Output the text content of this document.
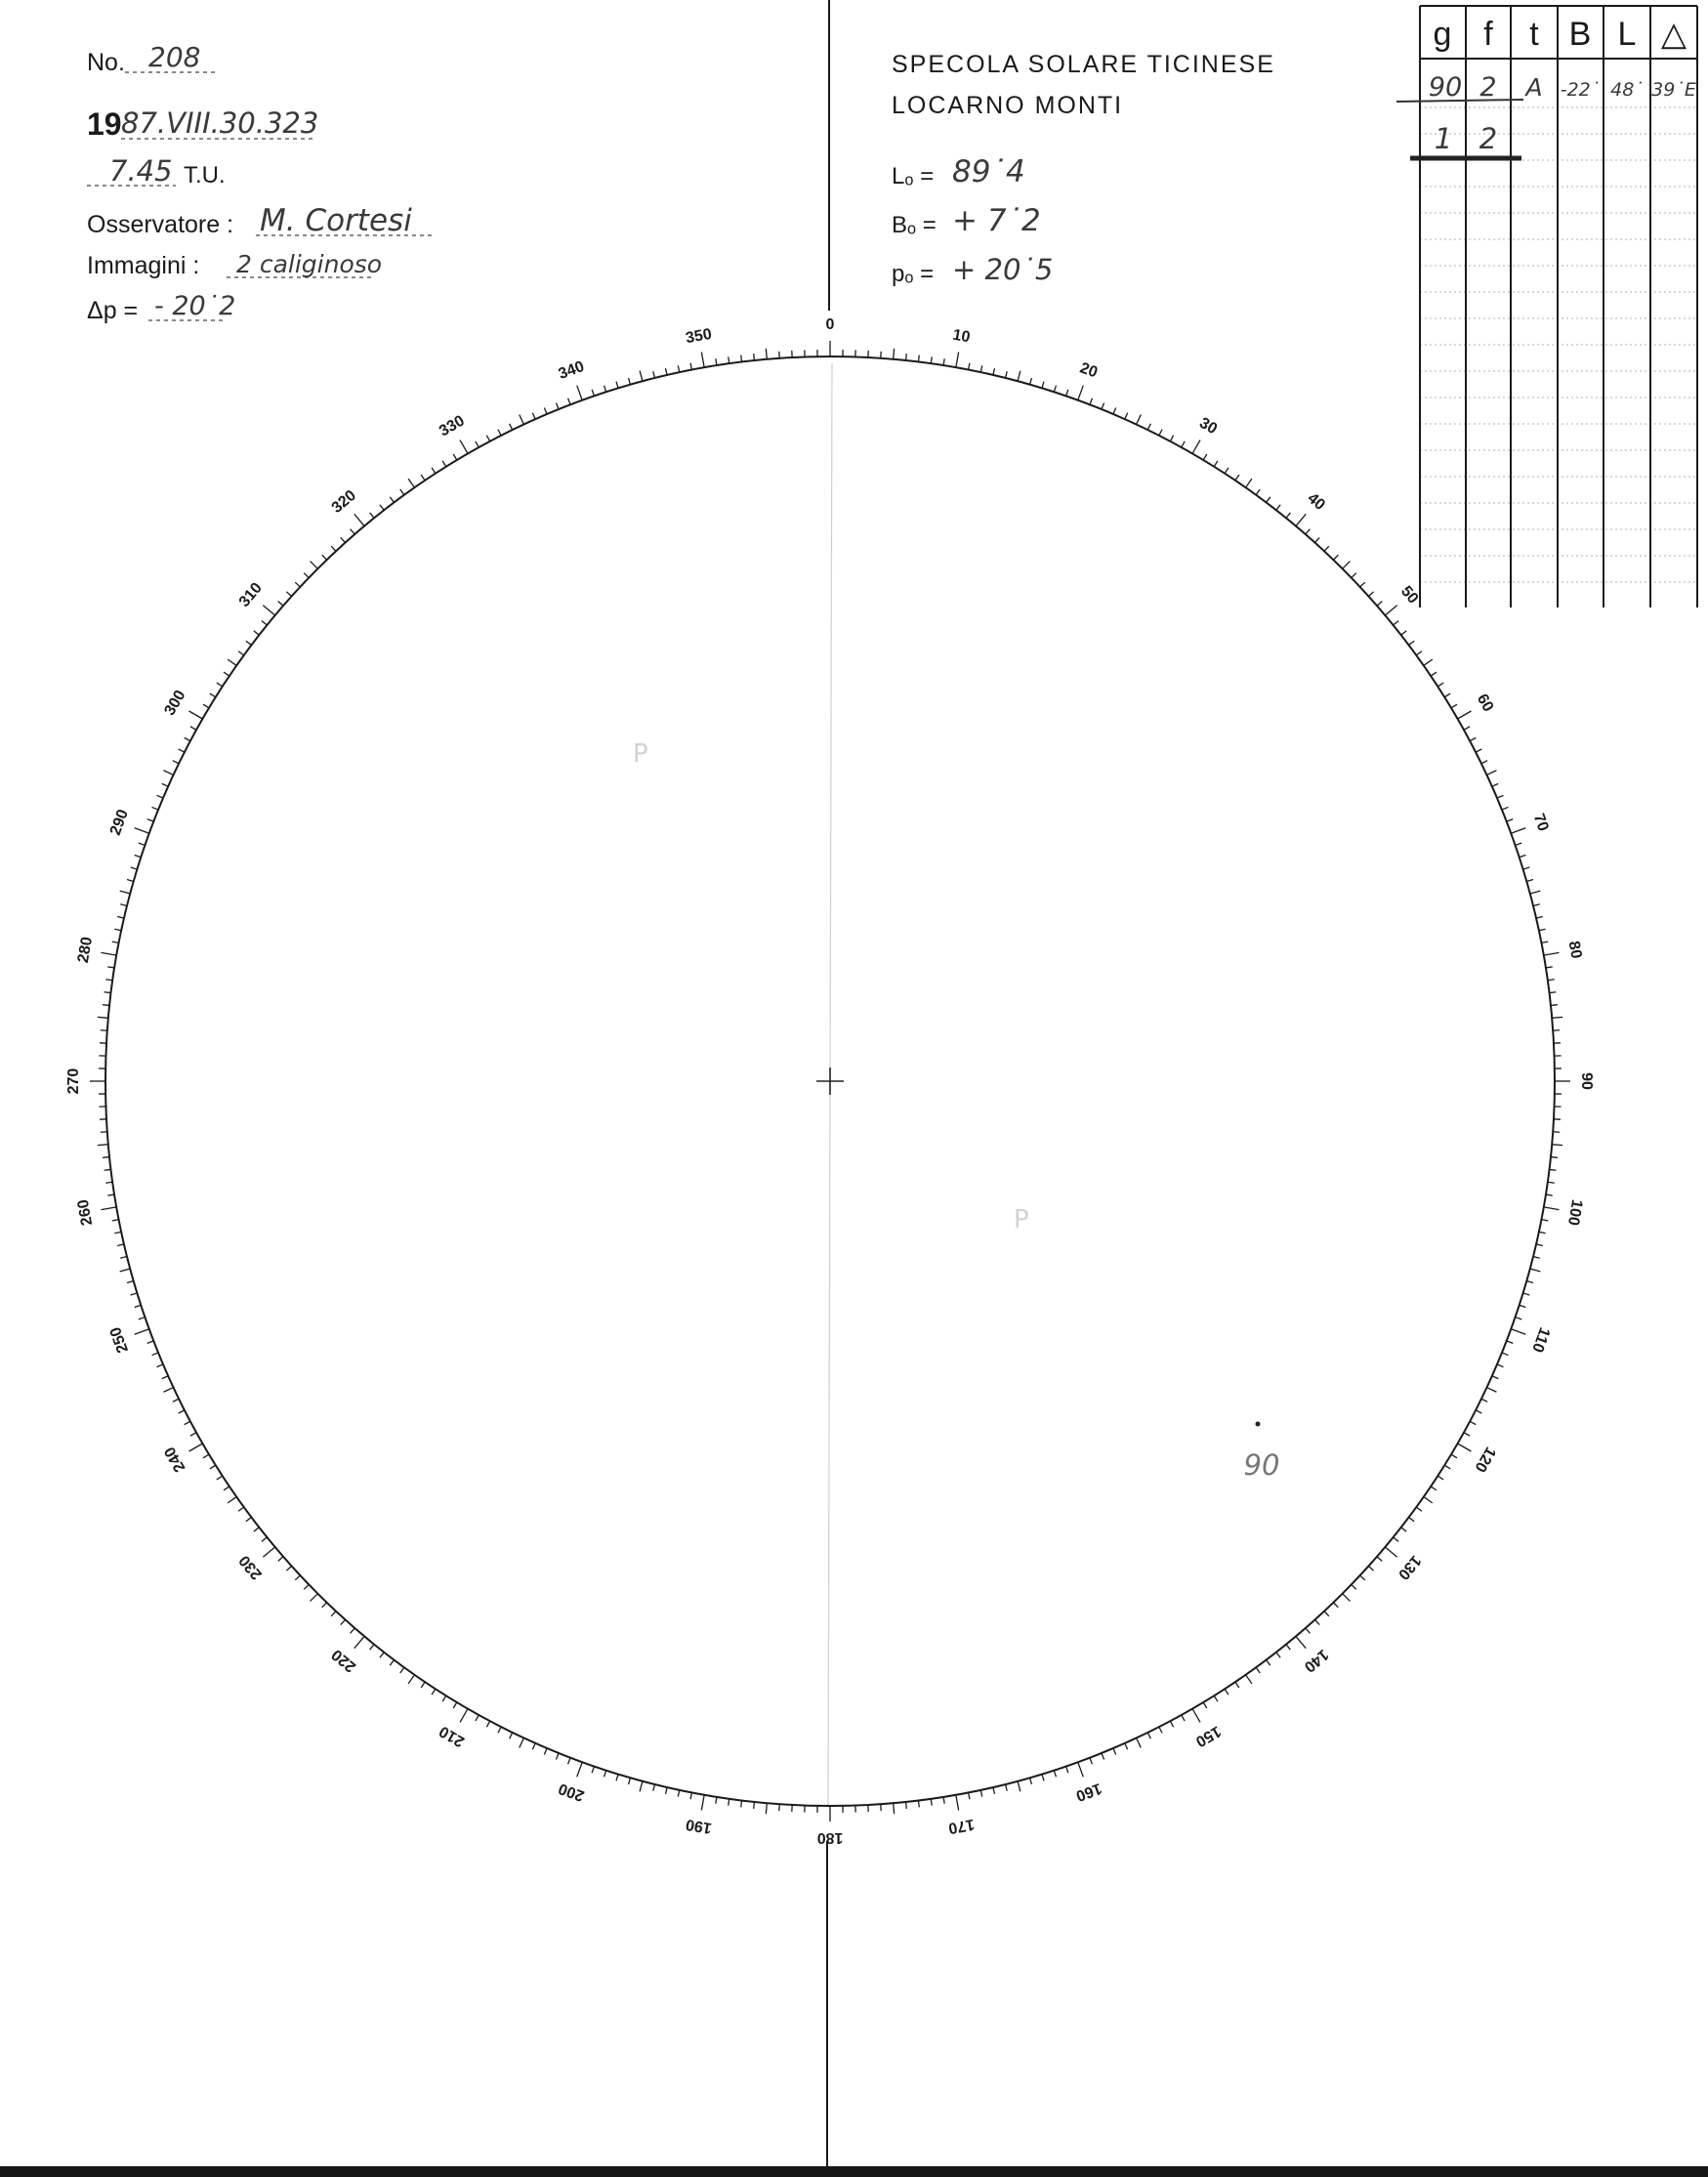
No. 208
19 87.VIII.30.323
7.45 T.U.
Osservatore : M. Cortesi
Immagini : 2 caliginoso
Δp = - 20˙2
SPECOLA SOLARE TICINESE
LOCARNO MONTI
Lₒ = 89˙4
Bₒ = + 7˙2
pₒ = + 20˙5
g f t B L △
90 2 A -22˙ 48˙ 39˙E
1 2
0
10
20
30
40
50
60
70
80
90
100
110
120
130
140
150
160
170
180
190
200
210
220
230
240
250
260
270
280
290
300
310
320
330
340
350
P
P
90
